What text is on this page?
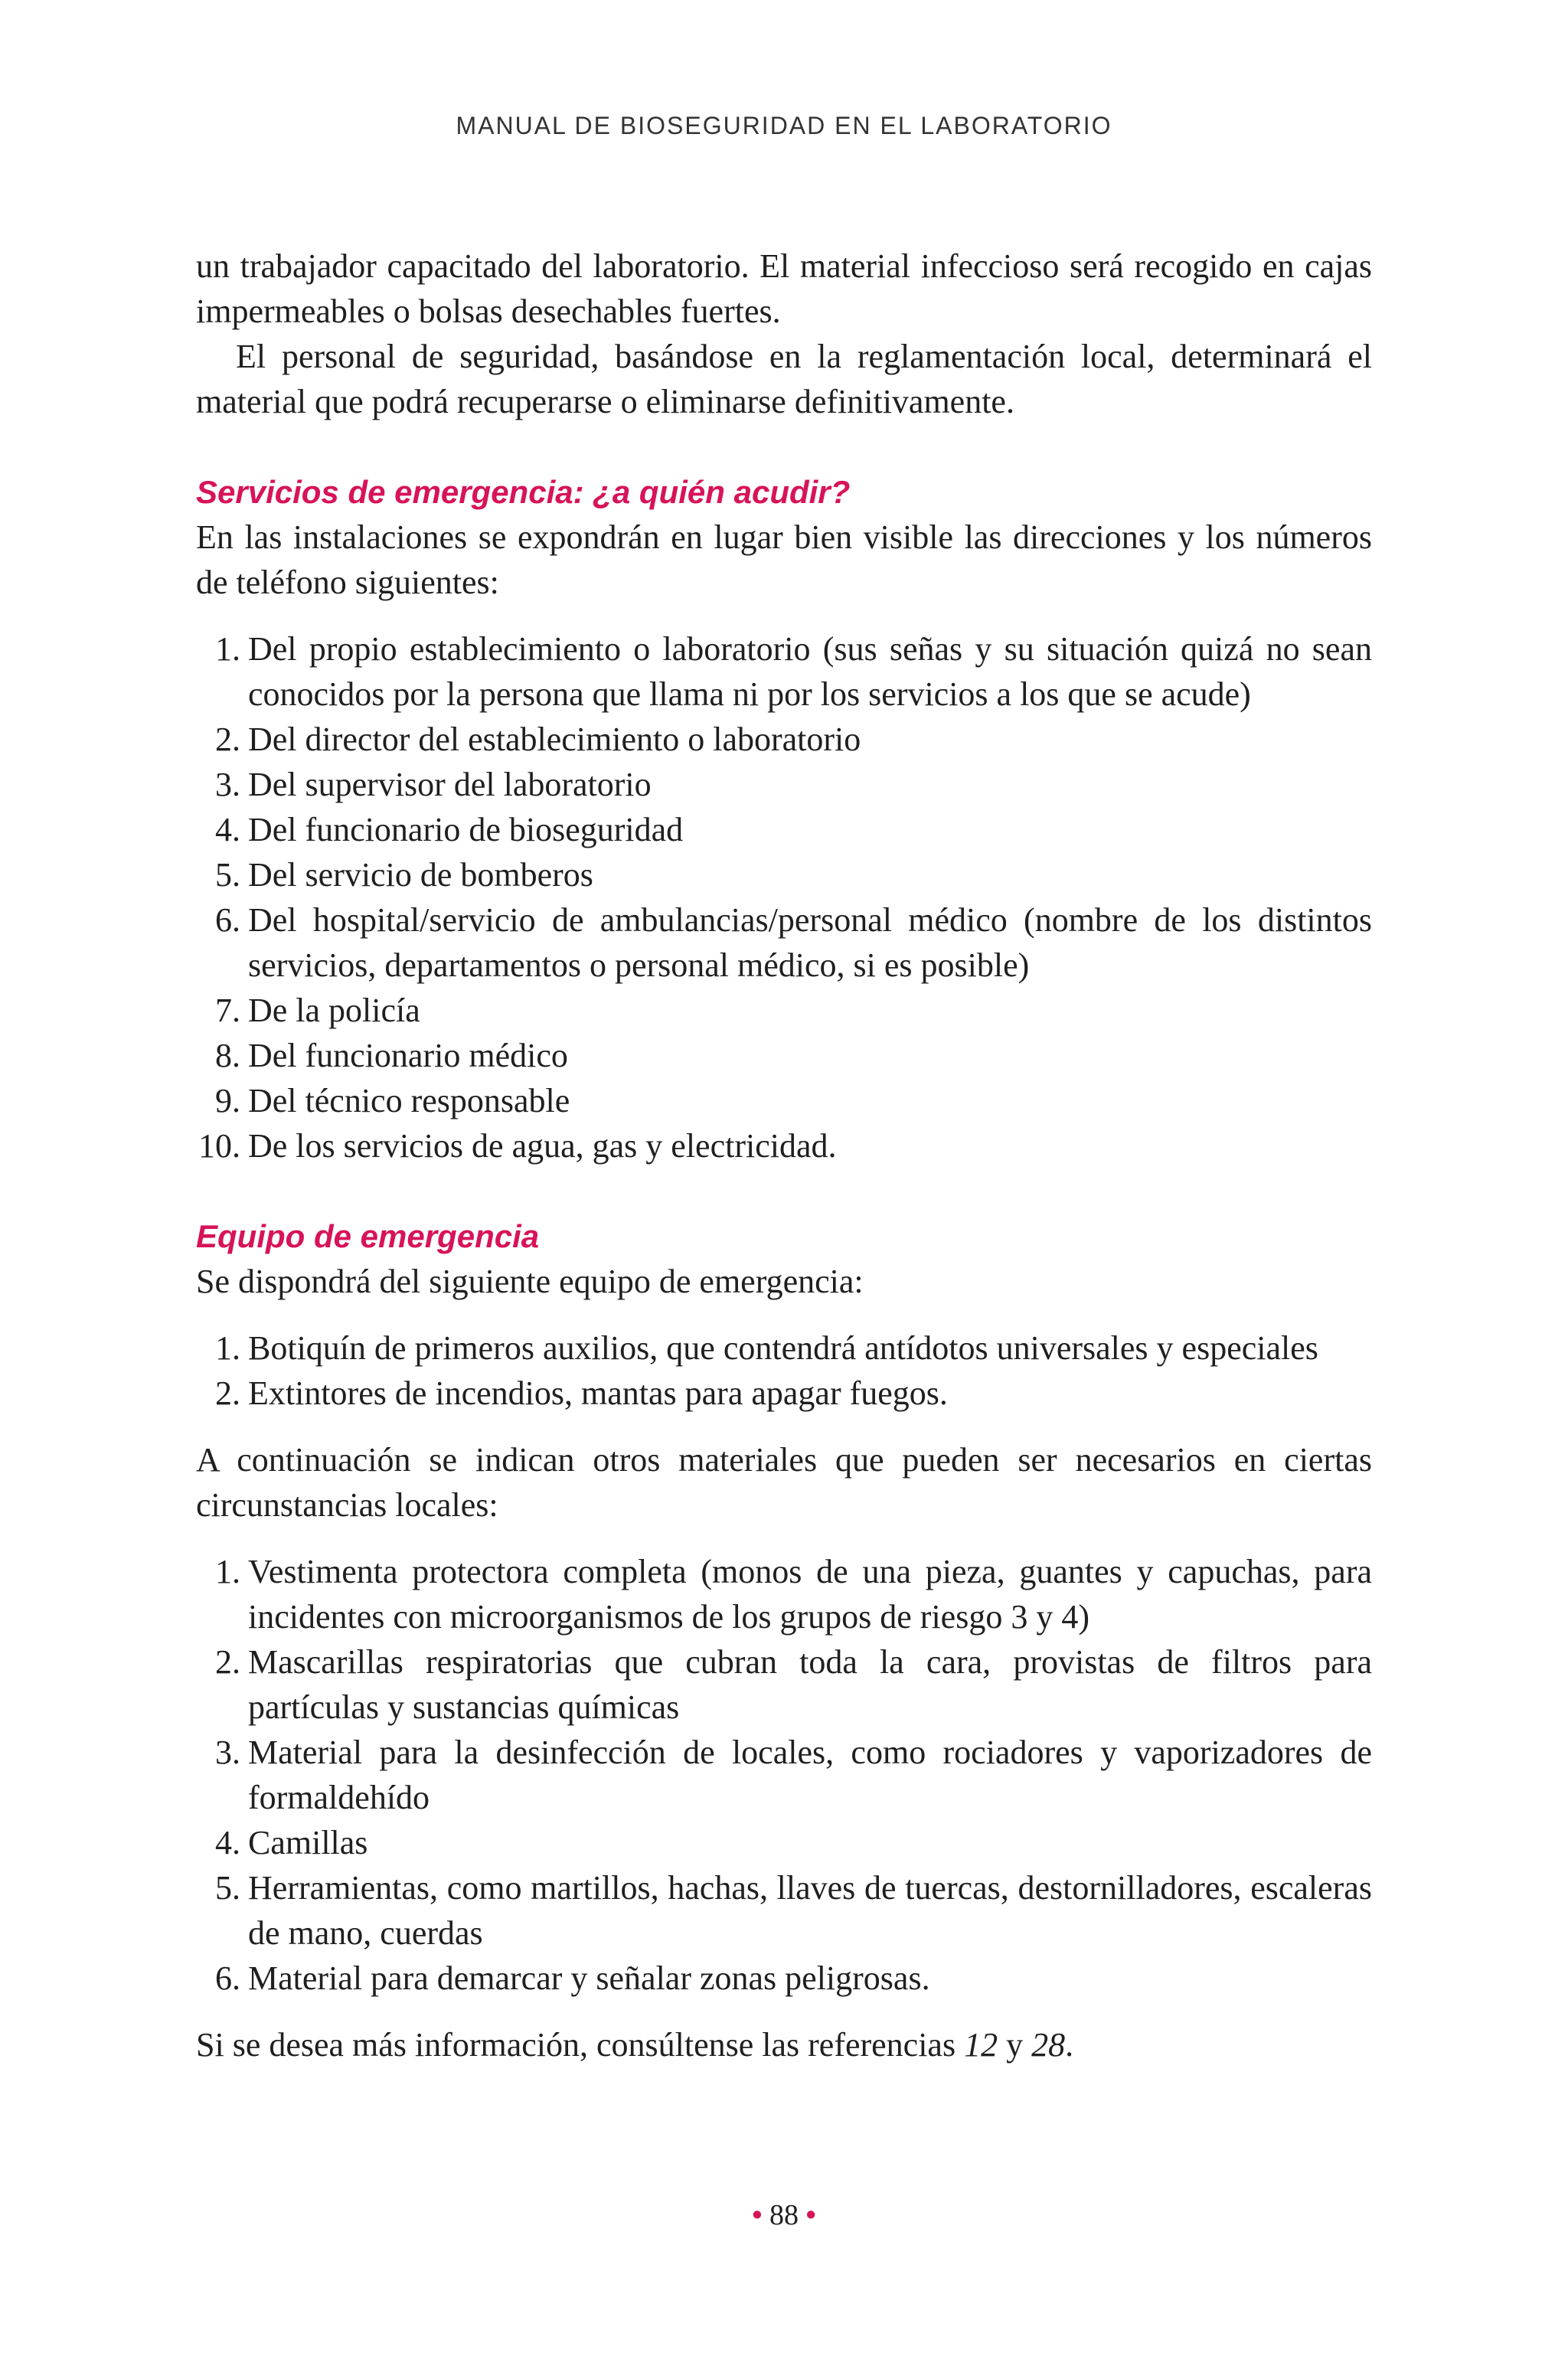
MANUAL DE BIOSEGURIDAD EN EL LABORATORIO

un trabajador capacitado del laboratorio. El material infeccioso será recogido en cajas impermeables o bolsas desechables fuertes.

El personal de seguridad, basándose en la reglamentación local, determinará el material que podrá recuperarse o eliminarse definitivamente.

Servicios de emergencia: ¿a quién acudir?

En las instalaciones se expondrán en lugar bien visible las direcciones y los números de teléfono siguientes:

1. Del propio establecimiento o laboratorio (sus señas y su situación quizá no sean conocidos por la persona que llama ni por los servicios a los que se acude)
2. Del director del establecimiento o laboratorio
3. Del supervisor del laboratorio
4. Del funcionario de bioseguridad
5. Del servicio de bomberos
6. Del hospital/servicio de ambulancias/personal médico (nombre de los distintos servicios, departamentos o personal médico, si es posible)
7. De la policía
8. Del funcionario médico
9. Del técnico responsable
10. De los servicios de agua, gas y electricidad.
Equipo de emergencia

Se dispondrá del siguiente equipo de emergencia:

1. Botiquín de primeros auxilios, que contendrá antídotos universales y especiales
2. Extintores de incendios, mantas para apagar fuegos.

A continuación se indican otros materiales que pueden ser necesarios en ciertas circunstancias locales:

1. Vestimenta protectora completa (monos de una pieza, guantes y capuchas, para incidentes con microorganismos de los grupos de riesgo 3 y 4)
2. Mascarillas respiratorias que cubran toda la cara, provistas de filtros para partículas y sustancias químicas
3. Material para la desinfección de locales, como rociadores y vaporizadores de formaldehído
4. Camillas
5. Herramientas, como martillos, hachas, llaves de tuercas, destornilladores, escaleras de mano, cuerdas
6. Material para demarcar y señalar zonas peligrosas.

Si se desea más información, consúltense las referencias 12 y 28.

• 88 •
